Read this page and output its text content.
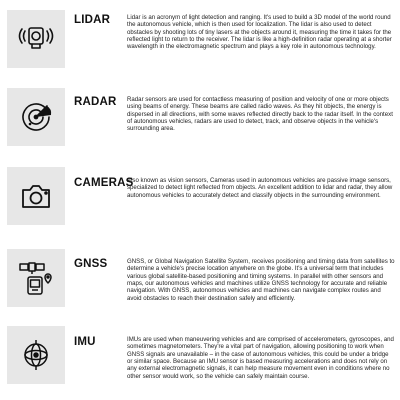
LIDAR	Lidar is an acronym of light detection and ranging. It's used to build a 3D model of the world round the autonomous vehicle, which is then used for localization. The lidar is also used to detect obstacles by shooting lots of tiny lasers at the objects around it, measuring the time it takes for the reflected light to return to the receiver. The lidar is like a high-definition radar operating at a shorter wavelength in the electromagnetic spectrum and plays a key role in autonomous technology.
RADAR Radar sensors are used for contactless measuring of position and velocity of one or more objects using beams of energy. These beams are called radio waves. As they hit objects, the energy is dispersed in all directions, with some waves reflected directly back to the radar itself. In the context of autonomous vehicles, radars are used to detect, track, and observe objects in the vehicle's surrounding area.
CAMERAS
Also known as vision sensors, Cameras used in autonomous vehicles are passive image sensors, specialized to detect light reflected from objects. An excellent addition to lidar and radar, they allow autonomous vehicles to accurately detect and classify objects in the surrounding environment.
GNSS	GNSS, or Global Navigation Satellite System, receives positioning and timing data from satellites to determine a vehicle's precise location anywhere on the globe. It's a universal term that includes various global satellite-based positioning and timing systems. In parallel with other sensors and maps, our autonomous vehicles and machines utilize GNSS technology for accurate and reliable navigation. With GNSS, autonomous vehicles and machines can navigate complex routes and avoid obstacles to reach their destination safely and efficiently.
IMU	IMUs are used when maneuvering vehicles and are comprised of accelerometers, gyroscopes, and sometimes magnetometers. They're a vital part of navigation, allowing positioning to work when GNSS signals are unavailable – in the case of autonomous vehicles, this could be under a bridge or similar space. Because an IMU sensor is based measuring accelerations and does not rely on any external electromagnetic signals, it can help measure movement even in conditions where no other sensor would work, so the vehicle can safely maintain course.
